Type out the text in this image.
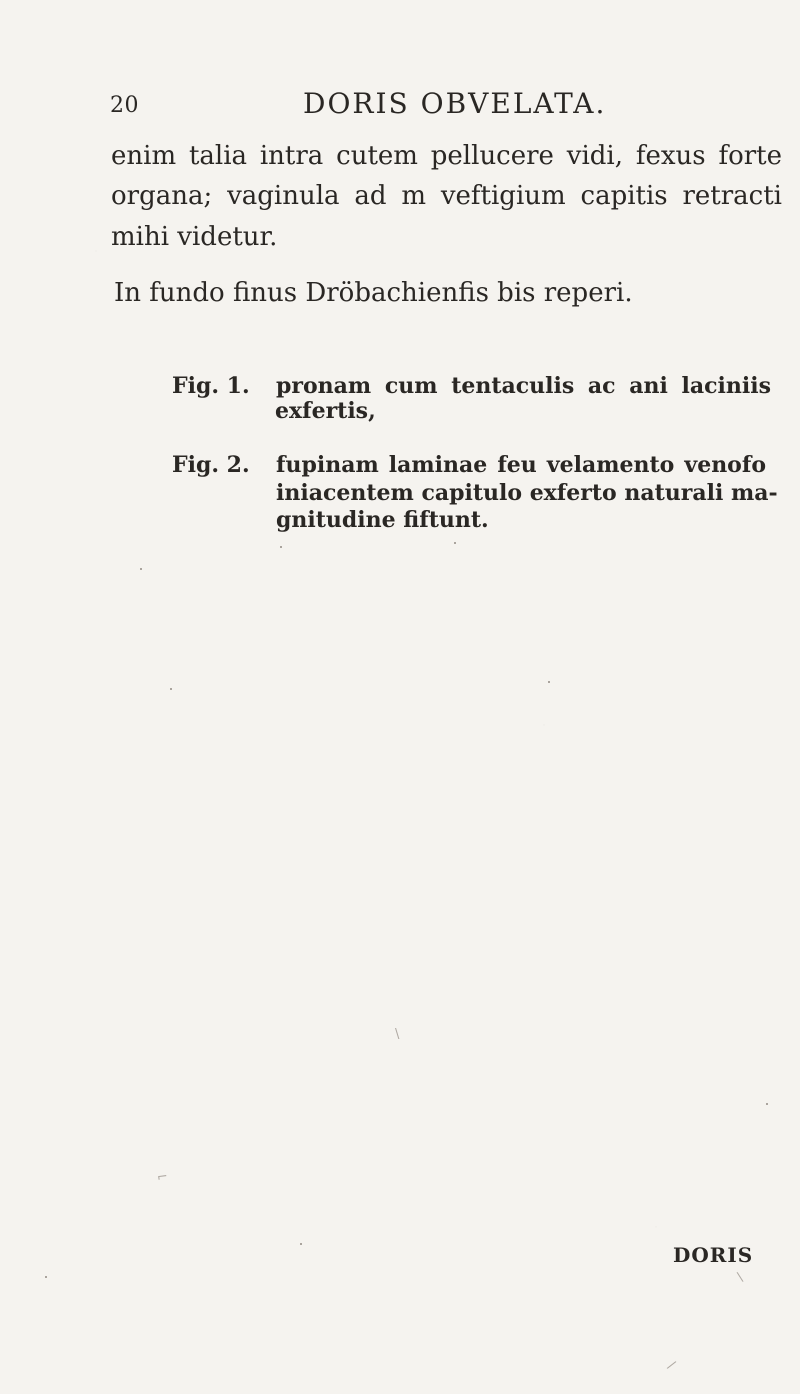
20	DORIS OBVELATA.
enim talia intra cutem pellucere vidi, fexus forte
organa; vaginula ad m veftigium capitis retracti
mihi videtur.
In fundo finus Dröbachienfis bis reperi.
Fig. 1. pronam cum tentaculis ac ani laciniis
exfertis,
Fig. 2. fupinam laminae feu velamento venofo
iniacentem capitulo exferto naturali ma-
gnitudine fiftunt.
DORIS
⌐
\
/
\
